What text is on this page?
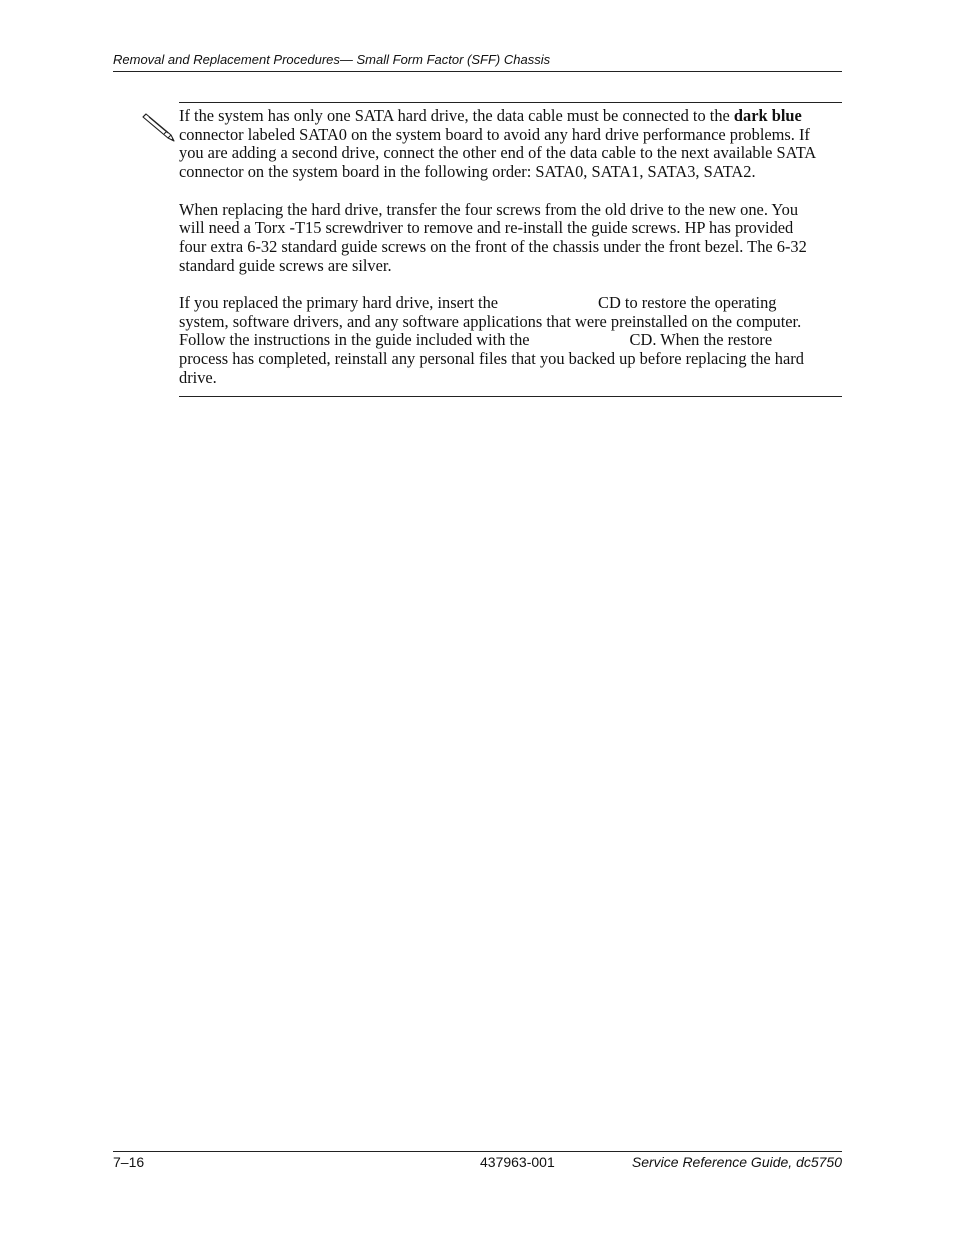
Removal and Replacement Procedures— Small Form Factor (SFF) Chassis

If the system has only one SATA hard drive, the data cable must be connected to the dark blue
connector labeled SATA0 on the system board to avoid any hard drive performance problems. If
you are adding a second drive, connect the other end of the data cable to the next available SATA
connector on the system board in the following order: SATA0, SATA1, SATA3, SATA2.

When replacing the hard drive, transfer the four screws from the old drive to the new one. You
will need a Torx -T15 screwdriver to remove and re-install the guide screws. HP has provided
four extra 6-32 standard guide screws on the front of the chassis under the front bezel. The 6-32
standard guide screws are silver.

If you replaced the primary hard drive, insert the	CD to restore the operating
system, software drivers, and any software applications that were preinstalled on the computer.
Follow the instructions in the guide included with the	CD. When the restore
process has completed, reinstall any personal files that you backed up before replacing the hard
drive.

7–16	437963-001	Service Reference Guide, dc5750
